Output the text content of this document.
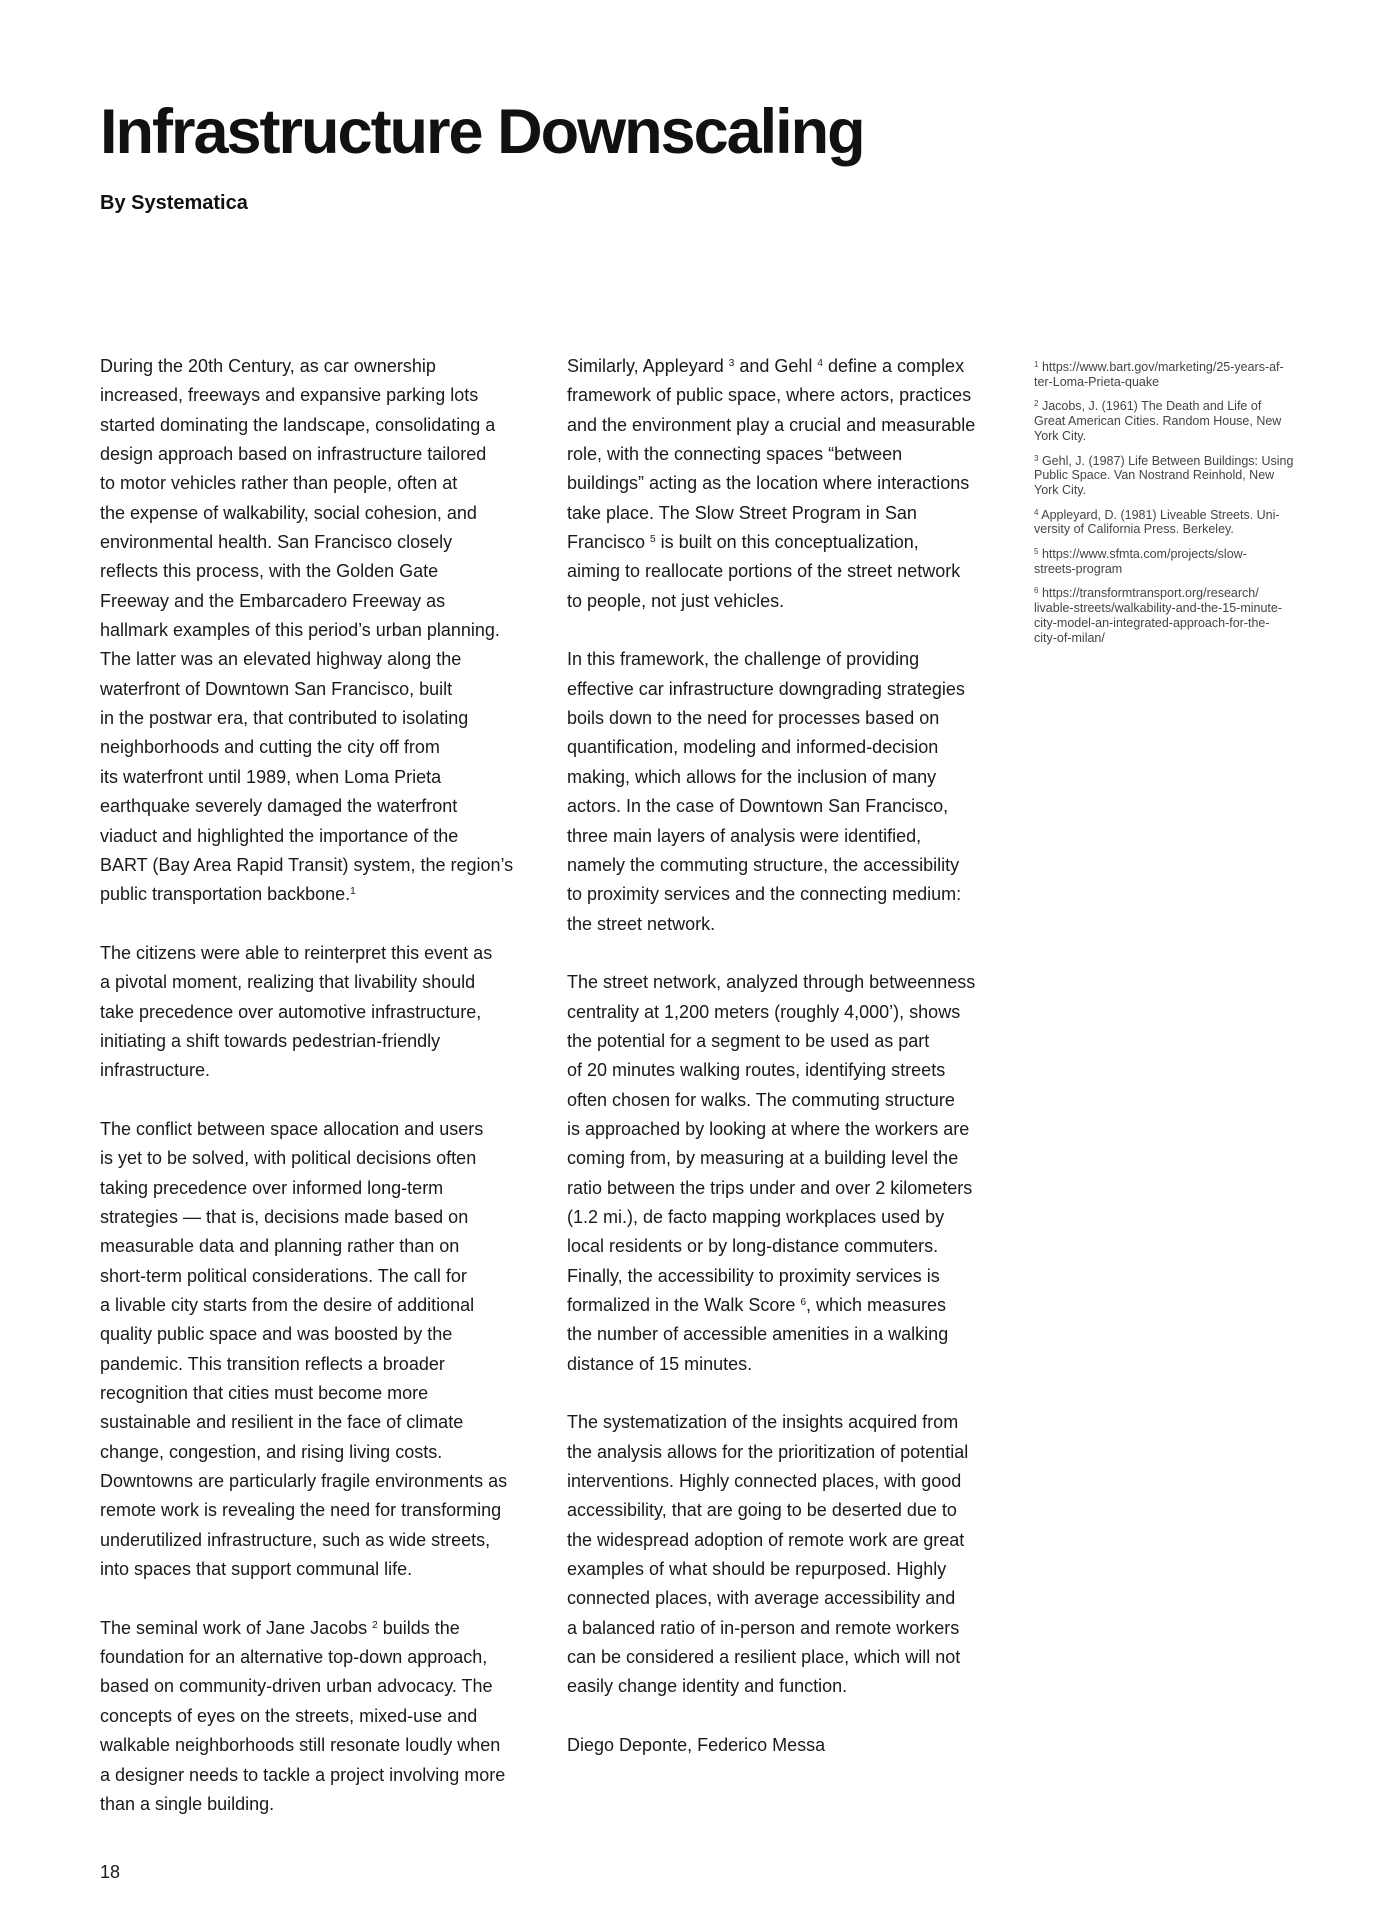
Infrastructure Downscaling
By Systematica

During the 20th Century, as car ownership
increased, freeways and expansive parking lots
started dominating the landscape, consolidating a
design approach based on infrastructure tailored
to motor vehicles rather than people, often at
the expense of walkability, social cohesion, and
environmental health. San Francisco closely
reflects this process, with the Golden Gate
Freeway and the Embarcadero Freeway as
hallmark examples of this period’s urban planning.
The latter was an elevated highway along the
waterfront of Downtown San Francisco, built
in the postwar era, that contributed to isolating
neighborhoods and cutting the city off from
its waterfront until 1989, when Loma Prieta
earthquake severely damaged the waterfront
viaduct and highlighted the importance of the
BART (Bay Area Rapid Transit) system, the region’s
public transportation backbone.$^1$

The citizens were able to reinterpret this event as
a pivotal moment, realizing that livability should
take precedence over automotive infrastructure,
initiating a shift towards pedestrian-friendly
infrastructure.

The conflict between space allocation and users
is yet to be solved, with political decisions often
taking precedence over informed long-term
strategies — that is, decisions made based on
measurable data and planning rather than on
short-term political considerations. The call for
a livable city starts from the desire of additional
quality public space and was boosted by the
pandemic. This transition reflects a broader
recognition that cities must become more
sustainable and resilient in the face of climate
change, congestion, and rising living costs.
Downtowns are particularly fragile environments as
remote work is revealing the need for transforming
underutilized infrastructure, such as wide streets,
into spaces that support communal life.

The seminal work of Jane Jacobs $^2$ builds the
foundation for an alternative top-down approach,
based on community-driven urban advocacy. The
concepts of eyes on the streets, mixed-use and
walkable neighborhoods still resonate loudly when
a designer needs to tackle a project involving more
than a single building.

Similarly, Appleyard $^3$ and Gehl $^4$ define a complex
framework of public space, where actors, practices
and the environment play a crucial and measurable
role, with the connecting spaces “between
buildings” acting as the location where interactions
take place. The Slow Street Program in San
Francisco $^5$ is built on this conceptualization,
aiming to reallocate portions of the street network
to people, not just vehicles.

In this framework, the challenge of providing
effective car infrastructure downgrading strategies
boils down to the need for processes based on
quantification, modeling and informed-decision
making, which allows for the inclusion of many
actors. In the case of Downtown San Francisco,
three main layers of analysis were identified,
namely the commuting structure, the accessibility
to proximity services and the connecting medium:
the street network.

The street network, analyzed through betweenness
centrality at 1,200 meters (roughly 4,000’), shows
the potential for a segment to be used as part
of 20 minutes walking routes, identifying streets
often chosen for walks. The commuting structure
is approached by looking at where the workers are
coming from, by measuring at a building level the
ratio between the trips under and over 2 kilometers
(1.2 mi.), de facto mapping workplaces used by
local residents or by long-distance commuters.
Finally, the accessibility to proximity services is
formalized in the Walk Score $^6$, which measures
the number of accessible amenities in a walking
distance of 15 minutes.

The systematization of the insights acquired from
the analysis allows for the prioritization of potential
interventions. Highly connected places, with good
accessibility, that are going to be deserted due to
the widespread adoption of remote work are great
examples of what should be repurposed. Highly
connected places, with average accessibility and
a balanced ratio of in-person and remote workers
can be considered a resilient place, which will not
easily change identity and function.

Diego Deponte, Federico Messa

$^1$ https://www.bart.gov/marketing/25-years-af-
ter-Loma-Prieta-quake

$^2$ Jacobs, J. (1961) The Death and Life of
Great American Cities. Random House, New
York City.

$^3$ Gehl, J. (1987) Life Between Buildings: Using
Public Space. Van Nostrand Reinhold, New
York City.

$^4$ Appleyard, D. (1981) Liveable Streets. Uni-
versity of California Press. Berkeley.

$^5$ https://www.sfmta.com/projects/slow-
streets-program

$^6$ https://transformtransport.org/research/
livable-streets/walkability-and-the-15-minute-
city-model-an-integrated-approach-for-the-
city-of-milan/

18
